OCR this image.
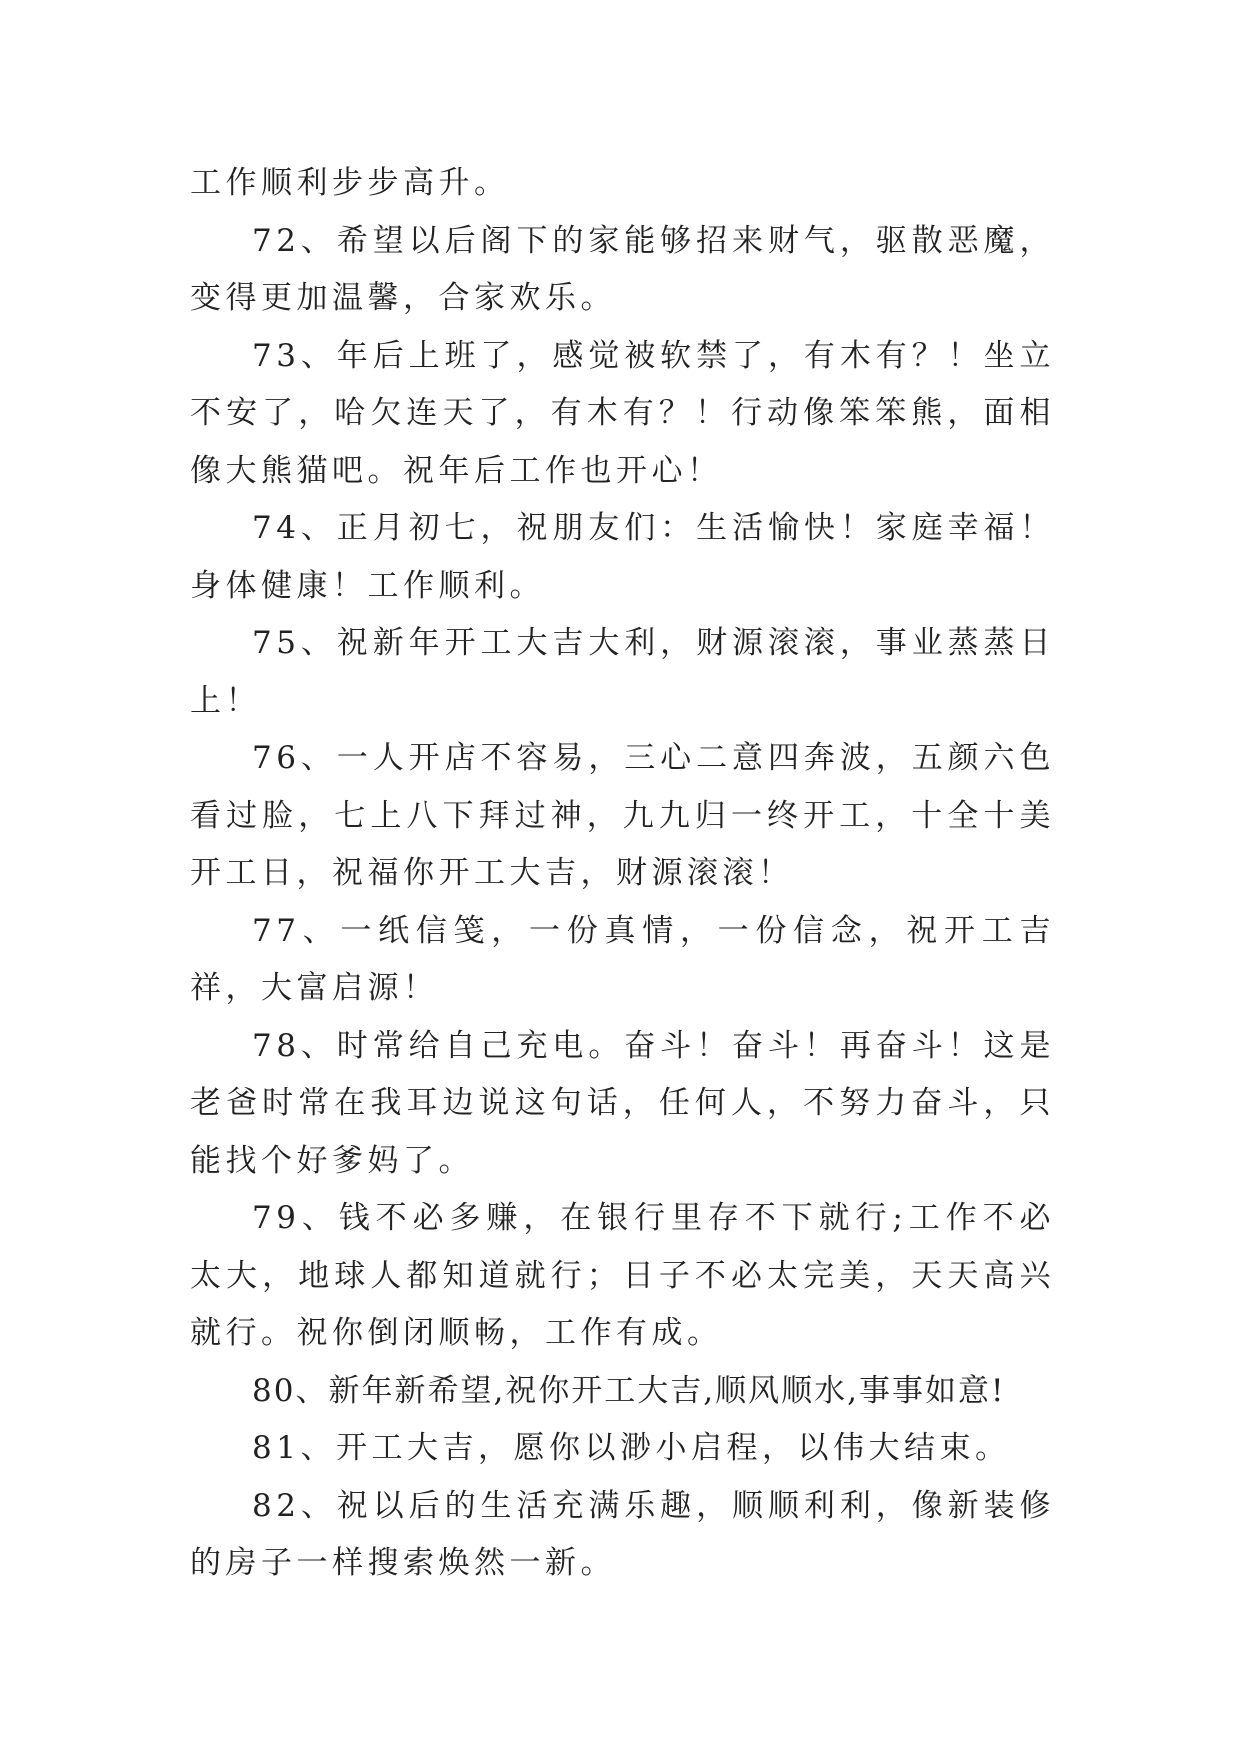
工作顺利步步高升。

72、希望以后阁下的家能够招来财气，驱散恶魔，变得更加温馨，合家欢乐。

73、年后上班了，感觉被软禁了，有木有？！坐立不安了，哈欠连天了，有木有？！行动像笨笨熊，面相像大熊猫吧。祝年后工作也开心！

74、正月初七，祝朋友们：生活愉快！家庭幸福！身体健康！工作顺利。

75、祝新年开工大吉大利，财源滚滚，事业蒸蒸日上！

76、一人开店不容易，三心二意四奔波，五颜六色看过脸，七上八下拜过神，九九归一终开工，十全十美开工日，祝福你开工大吉，财源滚滚！

77、一纸信笺，一份真情，一份信念，祝开工吉祥，大富启源！

78、时常给自己充电。奋斗！奋斗！再奋斗！这是老爸时常在我耳边说这句话，任何人，不努力奋斗，只能找个好爹妈了。

79、钱不必多赚，在银行里存不下就行;工作不必太大，地球人都知道就行；日子不必太完美，天天高兴就行。祝你倒闭顺畅，工作有成。

80、新年新希望,祝你开工大吉,顺风顺水,事事如意!

81、开工大吉，愿你以渺小启程，以伟大结束。

82、祝以后的生活充满乐趣，顺顺利利，像新装修的房子一样搜索焕然一新。
